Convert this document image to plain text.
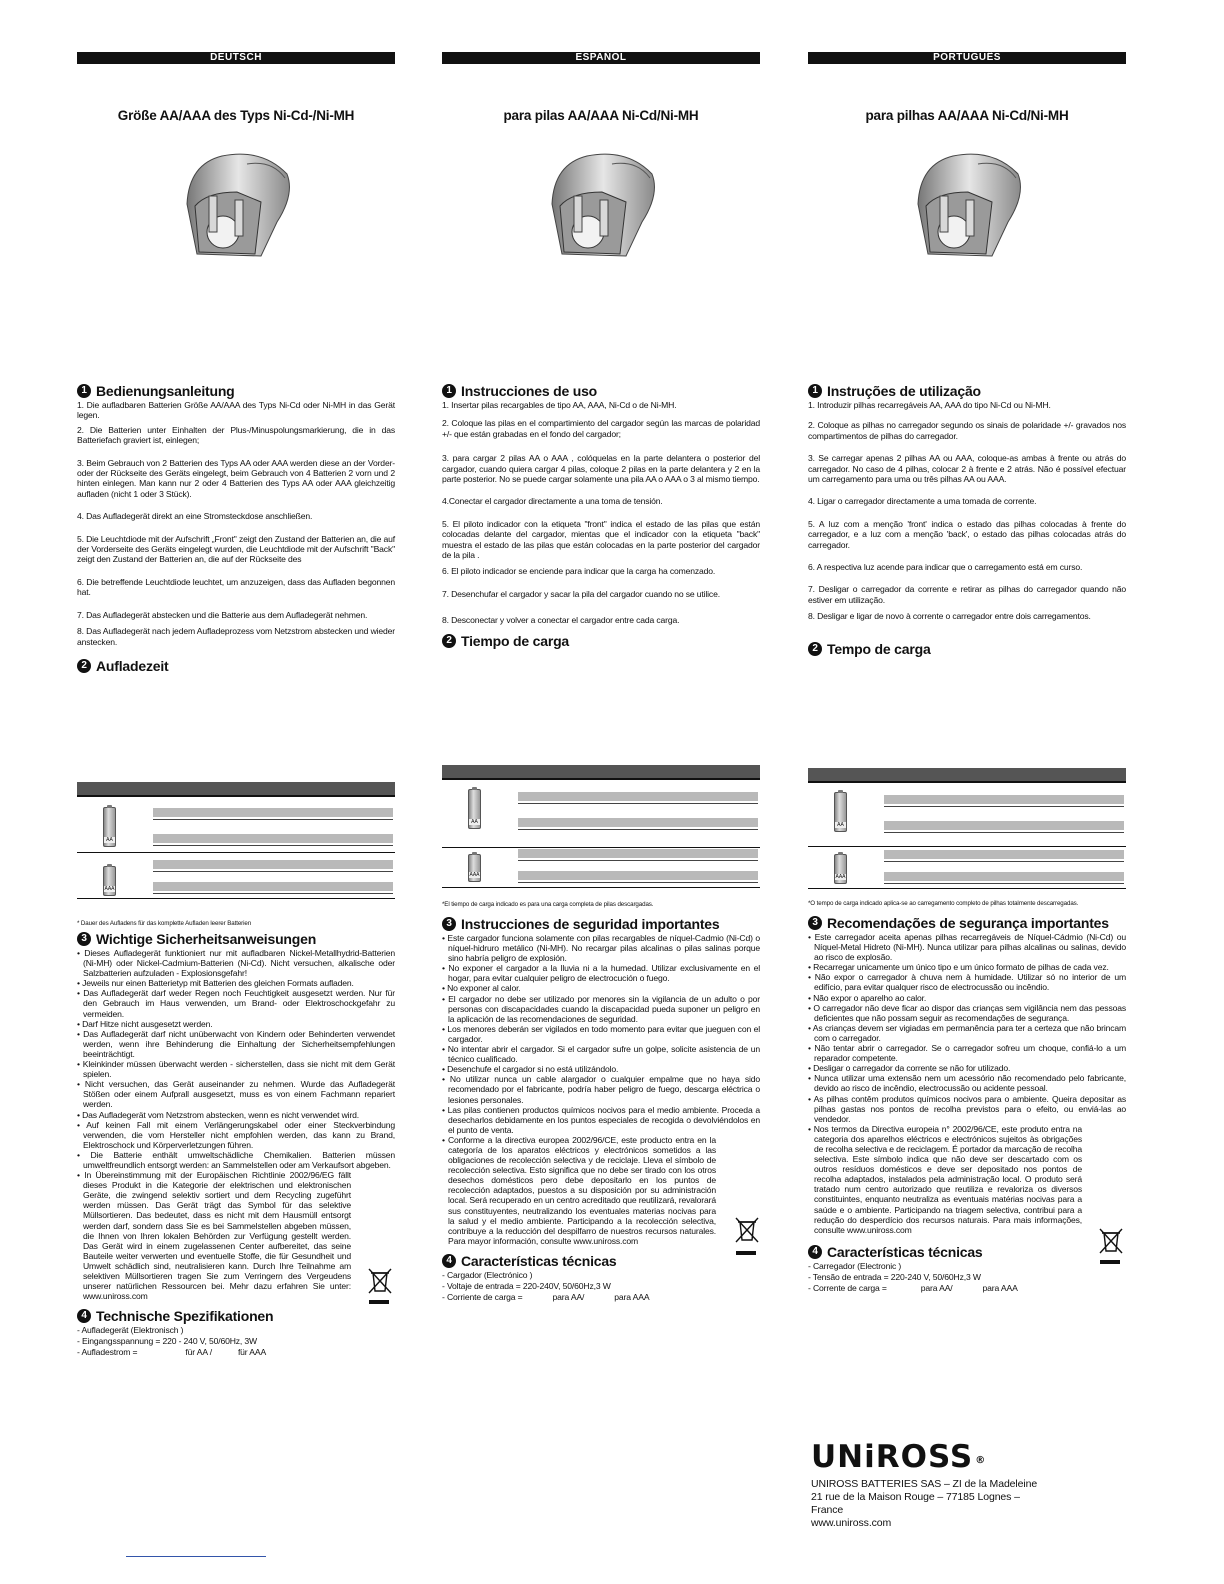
DEUTSCH
Größe AA/AAA des Typs Ni-Cd-/Ni-MH
1 Bedienungsanleitung

1. Die aufladbaren Batterien Größe AA/AAA des Typs Ni-Cd oder Ni-MH in das Gerät legen.

2. Die Batterien unter Einhalten der Plus-/Minuspolungsmarkierung, die in das Batteriefach graviert ist, einlegen;

3. Beim Gebrauch von 2 Batterien des Typs AA oder AAA werden diese an der Vorder- oder der Rückseite des Geräts eingelegt, beim Gebrauch von 4 Batterien 2 vorn und 2 hinten einlegen. Man kann nur 2 oder 4 Batterien des Typs AA oder AAA gleichzeitig aufladen (nicht 1 oder 3 Stück).

4. Das Aufladegerät direkt an eine Stromsteckdose anschließen.

5. Die Leuchtdiode mit der Aufschrift „Front" zeigt den Zustand der Batterien an, die auf der Vorderseite des Geräts eingelegt wurden, die Leuchtdiode mit der Aufschrift "Back" zeigt den Zustand der Batterien an, die auf der Rückseite des

6. Die betreffende Leuchtdiode leuchtet, um anzuzeigen, dass das Aufladen begonnen hat.

7. Das Aufladegerät abstecken und die Batterie aus dem Aufladegerät nehmen.

8. Das Aufladegerät nach jedem Aufladeprozess vom Netzstrom abstecken und wieder anstecken.

2 Aufladezeit
AA
AAA
* Dauer des Aufladens für das komplette Aufladen leerer Batterien
3 Wichtige Sicherheitsanweisungen

• Dieses Aufladegerät funktioniert nur mit aufladbaren Nickel-Metallhydrid-Batterien (Ni-MH) oder Nickel-Cadmium-Batterien (Ni-Cd). Nicht versuchen, alkalische oder Salzbatterien aufzuladen - Explosionsgefahr!

• Jeweils nur einen Batterietyp mit Batterien des gleichen Formats aufladen.

• Das Aufladegerät darf weder Regen noch Feuchtigkeit ausgesetzt werden. Nur für den Gebrauch im Haus verwenden, um Brand- oder Elektroschockgefahr zu vermeiden.

• Darf Hitze nicht ausgesetzt werden.

• Das Aufladegerät darf nicht unüberwacht von Kindern oder Behinderten verwendet werden, wenn ihre Behinderung die Einhaltung der Sicherheitsempfehlungen beeinträchtigt.

• Kleinkinder müssen überwacht werden - sicherstellen, dass sie nicht mit dem Gerät spielen.

• Nicht versuchen, das Gerät auseinander zu nehmen. Wurde das Aufladegerät Stößen oder einem Aufprall ausgesetzt, muss es von einem Fachmann repariert werden.

• Das Aufladegerät vom Netzstrom abstecken, wenn es nicht verwendet wird.

• Auf keinen Fall mit einem Verlängerungskabel oder einer Steckverbindung verwenden, die vom Hersteller nicht empfohlen werden, das kann zu Brand, Elektroschock und Körperverletzungen führen.

• Die Batterie enthält umweltschädliche Chemikalien. Batterien müssen umweltfreundlich entsorgt werden: an Sammelstellen oder am Verkaufsort abgeben.

• In Übereinstimmung mit der Europäischen Richtlinie 2002/96/EG fällt dieses Produkt in die Kategorie der elektrischen und elektronischen Geräte, die zwingend selektiv sortiert und dem Recycling zugeführt werden müssen. Das Gerät trägt das Symbol für das selektive Müllsortieren. Das bedeutet, dass es nicht mit dem Hausmüll entsorgt werden darf, sondern dass Sie es bei Sammelstellen abgeben müssen, die Ihnen von Ihren lokalen Behörden zur Verfügung gestellt werden. Das Gerät wird in einem zugelassenen Center aufbereitet, das seine Bauteile weiter verwerten und eventuelle Stoffe, die für Gesundheit und Umwelt schädlich sind, neutralisieren kann. Durch Ihre Teilnahme am selektiven Müllsortieren tragen Sie zum Verringern des Vergeudens unserer natürlichen Ressourcen bei. Mehr dazu erfahren Sie unter: www.uniross.com

4 Technische Spezifikationen
- Aufladegerät (Elektronisch )
- Eingangsspannung = 220 - 240 V, 50/60Hz, 3W
- Aufladestrom =	für AA /	für AAA
ESPAÑOL
para pilas AA/AAA Ni-Cd/Ni-MH
1 Instrucciones de uso

1. Insertar pilas recargables de tipo AA, AAA, Ni-Cd o de Ni-MH.

2. Coloque las pilas en el compartimiento del cargador según las marcas de polaridad +/- que están grabadas en el fondo del cargador;

3. para cargar 2 pilas AA o AAA , colóquelas en la parte delantera o posterior del cargador, cuando quiera cargar 4 pilas, coloque 2 pilas en la parte delantera y 2 en la parte posterior. No se puede cargar solamente una pila AA o AAA o 3 al mismo tiempo.

4.Conectar el cargador directamente a una toma de tensión.

5. El piloto indicador con la etiqueta "front" indica el estado de las pilas que están colocadas delante del cargador, mientas que el indicador con la etiqueta "back" muestra el estado de las pilas que están colocadas en la parte posterior del cargador de la pila .

6. El piloto indicador se enciende para indicar que la carga ha comenzado.

7. Desenchufar el cargador y sacar la pila del cargador cuando no se utilice.

8. Desconectar y volver a conectar el cargador entre cada carga.

2 Tiempo de carga
AA
AAA
*El tiempo de carga indicado es para una carga completa de pilas descargadas.
3 Instrucciones de seguridad importantes

• Este cargador funciona solamente con pilas recargables de níquel-Cadmio (Ni-Cd) o níquel-hidruro metálico (Ni-MH). No recargar pilas alcalinas o pilas salinas porque sino habría peligro de explosión.

• No exponer el cargador a la lluvia ni a la humedad. Utilizar exclusivamente en el hogar, para evitar cualquier peligro de electrocución o fuego.

• No exponer al calor.

• El cargador no debe ser utilizado por menores sin la vigilancia de un adulto o por personas con discapacidades cuando la discapacidad pueda suponer un peligro en la aplicación de las recomendaciones de seguridad.

• Los menores deberán ser vigilados en todo momento para evitar que jueguen con el cargador.

• No intentar abrir el cargador. Si el cargador sufre un golpe, solicite asistencia de un técnico cualificado.

• Desenchufe el cargador si no está utilizándolo.

• No utilizar nunca un cable alargador o cualquier empalme que no haya sido recomendado por el fabricante, podría haber peligro de fuego, descarga eléctrica o lesiones personales.

• Las pilas contienen productos químicos nocivos para el medio ambiente. Proceda a desecharlos debidamente en los puntos especiales de recogida o devolviéndolos en el punto de venta.

• Conforme a la directiva europea 2002/96/CE, este producto entra en la categoría de los aparatos eléctricos y electrónicos sometidos a las obligaciones de recolección selectiva y de reciclaje. Lleva el símbolo de recolección selectiva. Esto significa que no debe ser tirado con los otros desechos domésticos pero debe depositarlo en los puntos de recolección adaptados, puestos a su disposición por su administración local. Será recuperado en un centro acreditado que reutilizará, revalorará sus constituyentes, neutralizando los eventuales materias nocivas para la salud y el medio ambiente. Participando a la recolección selectiva, contribuye a la reducción del despilfarro de nuestros recursos naturales. Para mayor información, consulte www.uniross.com

4 Características técnicas
- Cargador (Electrónico )
- Voltaje de entrada = 220-240V, 50/60Hz,3 W
- Corriente de carga =	para AA/	para AAA
PORTUGUÊS
para pilhas AA/AAA Ni-Cd/Ni-MH
1 Instruções de utilização

1. Introduzir pilhas recarregáveis AA, AAA do tipo Ni-Cd ou Ni-MH.

2. Coloque as pilhas no carregador segundo os sinais de polaridade +/- gravados nos compartimentos de pilhas do carregador.

3. Se carregar apenas 2 pilhas AA ou AAA, coloque-as ambas à frente ou atrás do carregador. No caso de 4 pilhas, colocar 2 à frente e 2 atrás. Não é possível efectuar um carregamento para uma ou três pilhas AA ou AAA.

4. Ligar o carregador directamente a uma tomada de corrente.

5. A luz com a menção 'front' indica o estado das pilhas colocadas à frente do carregador, e a luz com a menção 'back', o estado das pilhas colocadas atrás do carregador.

6. A respectiva luz acende para indicar que o carregamento está em curso.

7. Desligar o carregador da corrente e retirar as pilhas do carregador quando não estiver em utilização.

8. Desligar e ligar de novo à corrente o carregador entre dois carregamentos.

2 Tempo de carga
AA
AAA
*O tempo de carga indicado aplica-se ao carregamento completo de pilhas totalmente descarregadas.
3 Recomendações de segurança importantes

• Este carregador aceita apenas pilhas recarregáveis de Níquel-Cádmio (Ni-Cd) ou Níquel-Metal Hidreto (Ni-MH). Nunca utilizar para pilhas alcalinas ou salinas, devido ao risco de explosão.

• Recarregar unicamente um único tipo e um único formato de pilhas de cada vez.

• Não expor o carregador à chuva nem à humidade. Utilizar só no interior de um edifício, para evitar qualquer risco de electrocussão ou incêndio.

• Não expor o aparelho ao calor.

• O carregador não deve ficar ao dispor das crianças sem vigilância nem das pessoas deficientes que não possam seguir as recomendações de segurança.

• As crianças devem ser vigiadas em permanência para ter a certeza que não brincam com o carregador.

• Não tentar abrir o carregador. Se o carregador sofreu um choque, confiá-lo a um reparador competente.

• Desligar o carregador da corrente se não for utilizado.

• Nunca utilizar uma extensão nem um acessório não recomendado pelo fabricante, devido ao risco de incêndio, electrocussão ou acidente pessoal.

• As pilhas contêm produtos químicos nocivos para o ambiente. Queira depositar as pilhas gastas nos pontos de recolha previstos para o efeito, ou enviá-las ao vendedor.

• Nos termos da Directiva europeia n° 2002/96/CE, este produto entra na categoria dos aparelhos eléctricos e electrónicos sujeitos às obrigações de recolha selectiva e de reciclagem. É portador da marcação de recolha selectiva. Este símbolo indica que não deve ser descartado com os outros resíduos domésticos e deve ser depositado nos pontos de recolha adaptados, instalados pela administração local. O produto será tratado num centro autorizado que reutiliza e revaloriza os diversos constituintes, enquanto neutraliza as eventuais matérias nocivas para a saúde e o ambiente. Participando na triagem selectiva, contribui para a redução do desperdício dos recursos naturais. Para mais informações, consulte www.uniross.com

4 Características técnicas
- Carregador (Electronic )
- Tensão de entrada = 220-240 V, 50/60Hz,3 W
- Corrente de carga =	para AA/	para AAA
UNiROSS ®
UNIROSS BATTERIES SAS – ZI de la Madeleine
21 rue de la Maison Rouge – 77185 Lognes – France
www.uniross.com
